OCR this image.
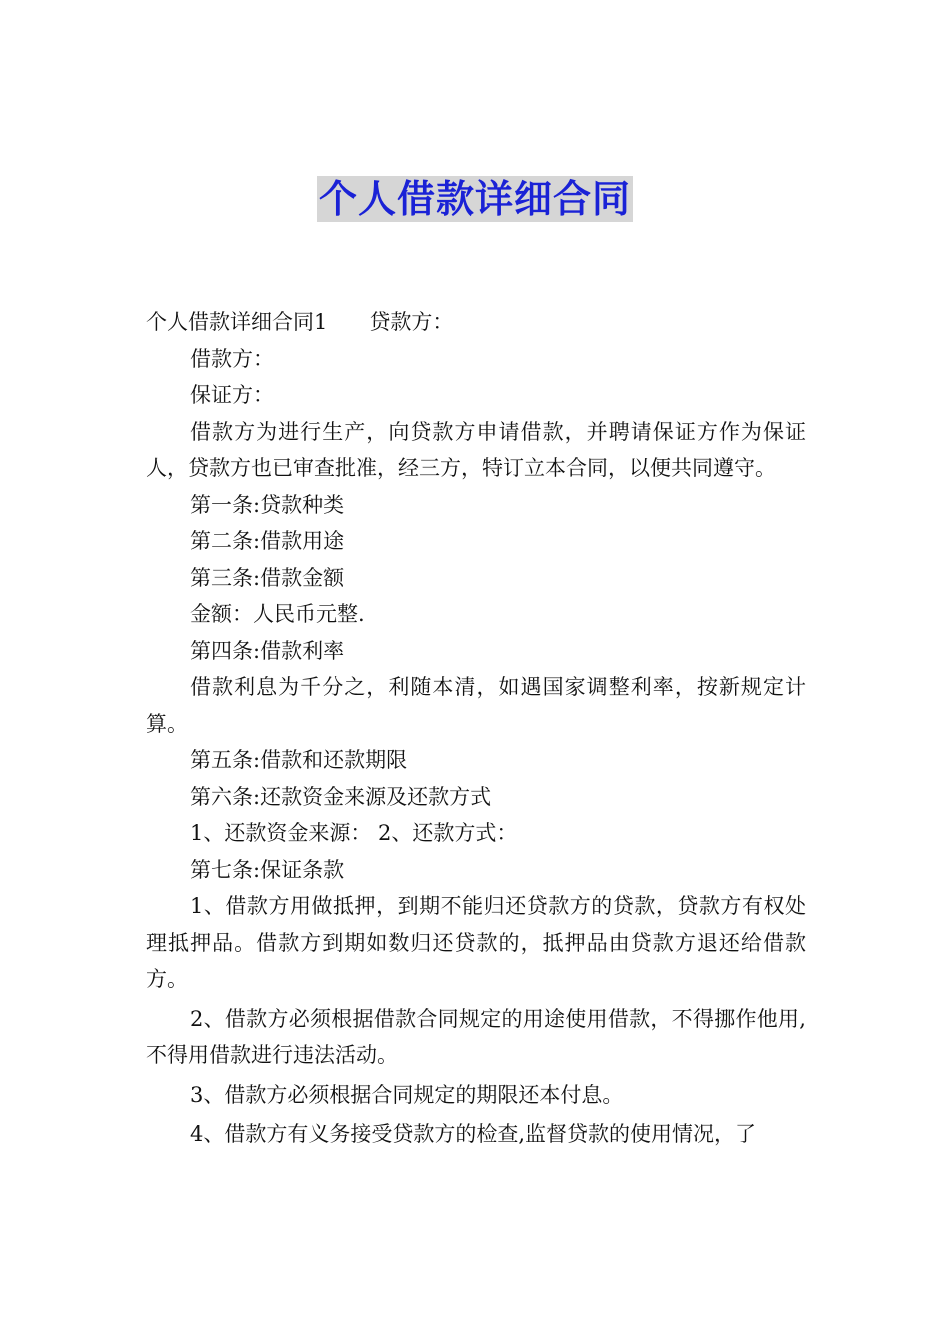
个人借款详细合同

个人借款详细合同1　　贷款方：

借款方：

保证方：

借款方为进行生产，向贷款方申请借款，并聘请保证方作为保证人，贷款方也已审查批准，经三方，特订立本合同，以便共同遵守。

第一条:贷款种类

第二条:借款用途

第三条:借款金额

金额：人民币元整.

第四条:借款利率

借款利息为千分之，利随本清，如遇国家调整利率，按新规定计算。

第五条:借款和还款期限

第六条:还款资金来源及还款方式

1、还款资金来源： 2、还款方式：

第七条:保证条款

1、借款方用做抵押，到期不能归还贷款方的贷款，贷款方有权处理抵押品。借款方到期如数归还贷款的，抵押品由贷款方退还给借款方。

2、借款方必须根据借款合同规定的用途使用借款，不得挪作他用,不得用借款进行违法活动。

3、借款方必须根据合同规定的期限还本付息。

4、借款方有义务接受贷款方的检查,监督贷款的使用情况，了
